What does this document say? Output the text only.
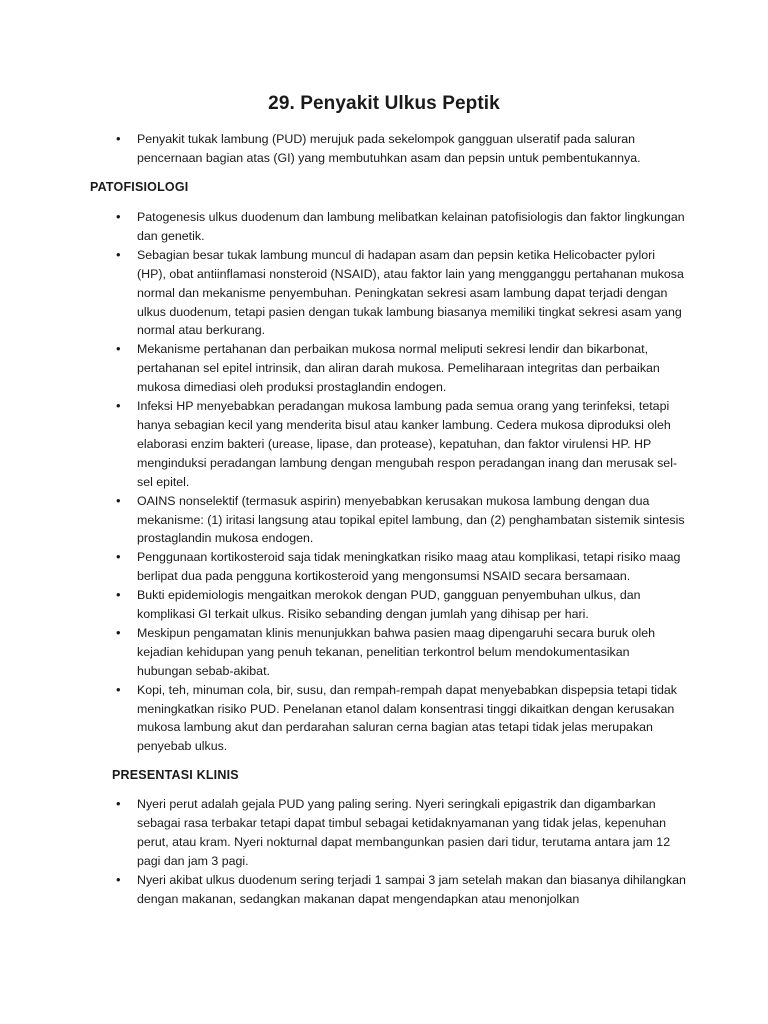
29. Penyakit Ulkus Peptik
• Penyakit tukak lambung (PUD) merujuk pada sekelompok gangguan ulseratif pada saluran pencernaan bagian atas (GI) yang membutuhkan asam dan pepsin untuk pembentukannya.
PATOFISIOLOGI
• Patogenesis ulkus duodenum dan lambung melibatkan kelainan patofisiologis dan faktor lingkungan dan genetik.
• Sebagian besar tukak lambung muncul di hadapan asam dan pepsin ketika Helicobacter pylori (HP), obat antiinflamasi nonsteroid (NSAID), atau faktor lain yang mengganggu pertahanan mukosa normal dan mekanisme penyembuhan. Peningkatan sekresi asam lambung dapat terjadi dengan ulkus duodenum, tetapi pasien dengan tukak lambung biasanya memiliki tingkat sekresi asam yang normal atau berkurang.
• Mekanisme pertahanan dan perbaikan mukosa normal meliputi sekresi lendir dan bikarbonat, pertahanan sel epitel intrinsik, dan aliran darah mukosa. Pemeliharaan integritas dan perbaikan mukosa dimediasi oleh produksi prostaglandin endogen.
• Infeksi HP menyebabkan peradangan mukosa lambung pada semua orang yang terinfeksi, tetapi hanya sebagian kecil yang menderita bisul atau kanker lambung. Cedera mukosa diproduksi oleh elaborasi enzim bakteri (urease, lipase, dan protease), kepatuhan, dan faktor virulensi HP. HP menginduksi peradangan lambung dengan mengubah respon peradangan inang dan merusak sel-sel epitel.
• OAINS nonselektif (termasuk aspirin) menyebabkan kerusakan mukosa lambung dengan dua mekanisme: (1) iritasi langsung atau topikal epitel lambung, dan (2) penghambatan sistemik sintesis prostaglandin mukosa endogen.
• Penggunaan kortikosteroid saja tidak meningkatkan risiko maag atau komplikasi, tetapi risiko maag berlipat dua pada pengguna kortikosteroid yang mengonsumsi NSAID secara bersamaan.
• Bukti epidemiologis mengaitkan merokok dengan PUD, gangguan penyembuhan ulkus, dan komplikasi GI terkait ulkus. Risiko sebanding dengan jumlah yang dihisap per hari.
• Meskipun pengamatan klinis menunjukkan bahwa pasien maag dipengaruhi secara buruk oleh kejadian kehidupan yang penuh tekanan, penelitian terkontrol belum mendokumentasikan hubungan sebab-akibat.
• Kopi, teh, minuman cola, bir, susu, dan rempah-rempah dapat menyebabkan dispepsia tetapi tidak meningkatkan risiko PUD. Penelanan etanol dalam konsentrasi tinggi dikaitkan dengan kerusakan mukosa lambung akut dan perdarahan saluran cerna bagian atas tetapi tidak jelas merupakan penyebab ulkus.
PRESENTASI KLINIS
• Nyeri perut adalah gejala PUD yang paling sering. Nyeri seringkali epigastrik dan digambarkan sebagai rasa terbakar tetapi dapat timbul sebagai ketidaknyamanan yang tidak jelas, kepenuhan perut, atau kram. Nyeri nokturnal dapat membangunkan pasien dari tidur, terutama antara jam 12 pagi dan jam 3 pagi.
• Nyeri akibat ulkus duodenum sering terjadi 1 sampai 3 jam setelah makan dan biasanya dihilangkan dengan makanan, sedangkan makanan dapat mengendapkan atau menonjolkan
